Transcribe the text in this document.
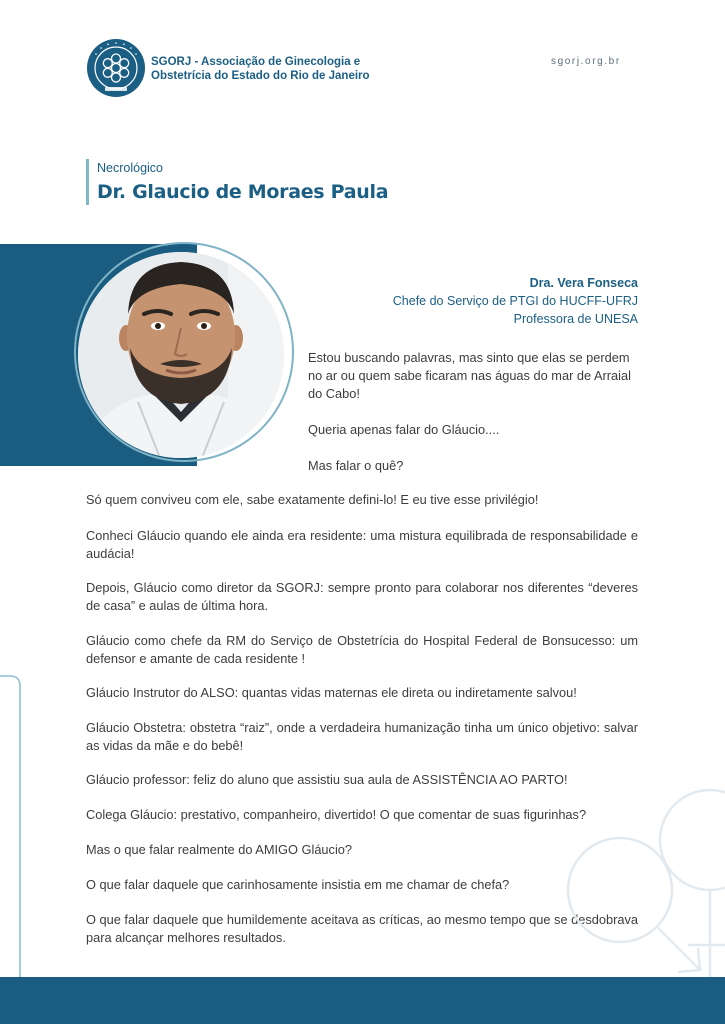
SGORJ - Associação de Ginecologia e
Obstetrícia do Estado do Rio de Janeiro
sgorj.org.br
Necrológico
Dr. Glaucio de Moraes Paula
Dra. Vera Fonseca
Chefe do Serviço de PTGI do HUCFF-UFRJ
Professora de UNESA
Estou buscando palavras, mas sinto que elas se perdem
no ar ou quem sabe ficaram nas águas do mar de Arraial
do Cabo!
Queria apenas falar do Gláucio....
Mas falar o quê?

Só quem conviveu com ele, sabe exatamente defini-lo! E eu tive esse privilégio!

Conheci Gláucio quando ele ainda era residente: uma mistura equilibrada de responsabilidade e audácia!

Depois, Gláucio como diretor da SGORJ: sempre pronto para colaborar nos diferentes “deveres de casa” e aulas de última hora.

Gláucio como chefe da RM do Serviço de Obstetrícia do Hospital Federal de Bonsucesso: um defensor e amante de cada residente !

Gláucio Instrutor do ALSO: quantas vidas maternas ele direta ou indiretamente salvou!

Gláucio Obstetra: obstetra “raiz”, onde a verdadeira humanização tinha um único objetivo: salvar as vidas da mãe e do bebê!

Gláucio professor: feliz do aluno que assistiu sua aula de ASSISTÊNCIA AO PARTO!

Colega Gláucio: prestativo, companheiro, divertido! O que comentar de suas figurinhas?

Mas o que falar realmente do AMIGO Gláucio?

O que falar daquele que carinhosamente insistia em me chamar de chefa?

O que falar daquele que humildemente aceitava as críticas, ao mesmo tempo que se desdobrava para alcançar melhores resultados.
